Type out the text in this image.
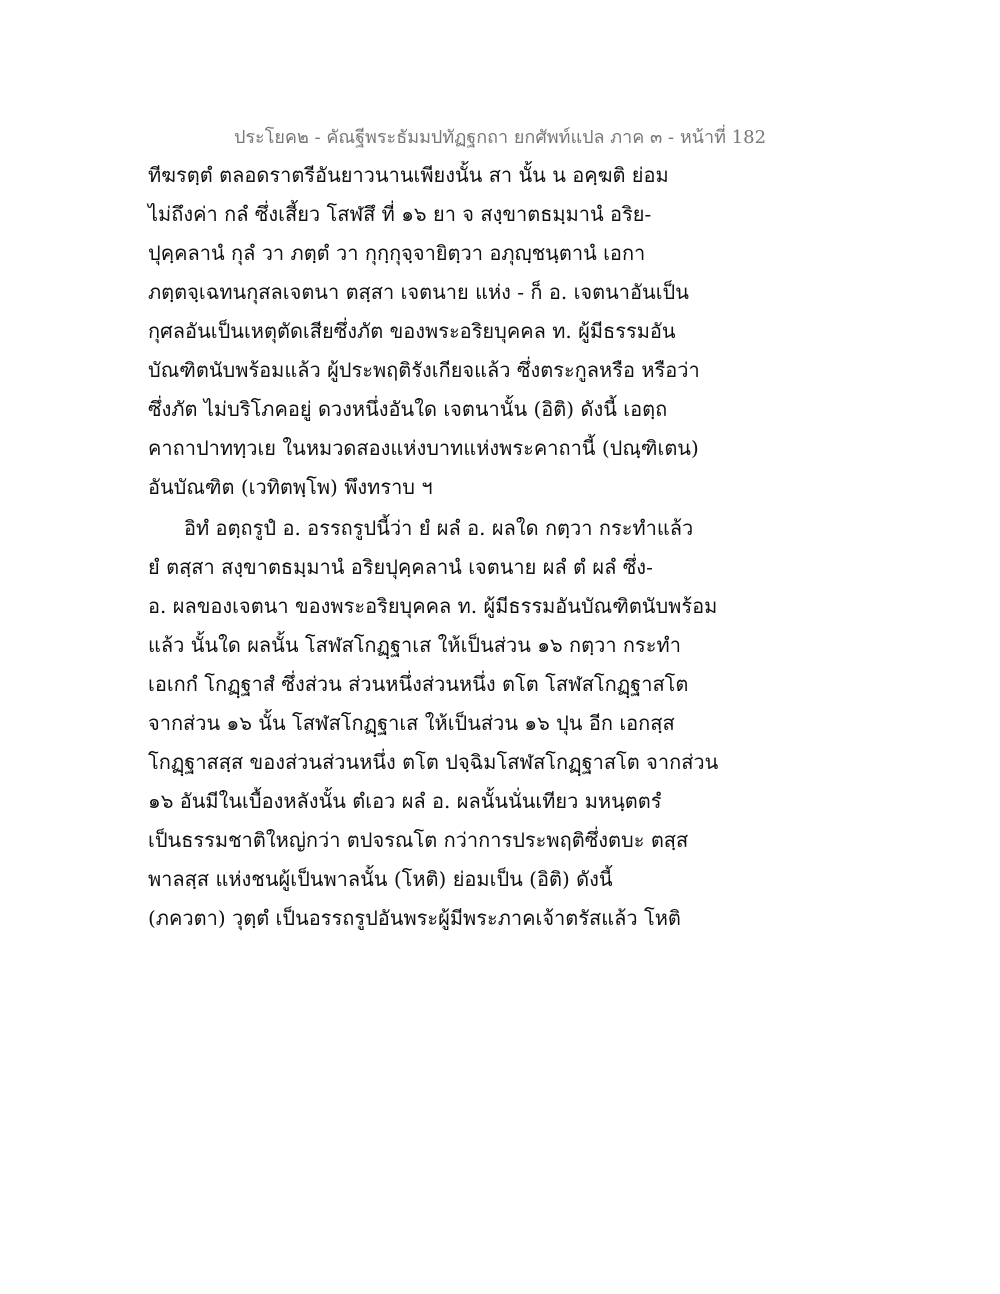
ประโยค๒ - คัณฐีพระธัมมปทัฏฐกถา ยกศัพท์แปล ภาค ๓ - หน้าที่ 182
ทีฆรตฺตํ ตลอดราตรีอันยาวนานเพียงนั้น สา นั้น น อคฺฆติ ย่อม
ไม่ถึงค่า กลํ ซึ่งเสี้ยว โสฬสึ ที่ ๑๖ ยา จ สงฺขาตธมฺมานํ อริย-
ปุคฺคลานํ กุลํ วา ภตฺตํ วา กุกฺกุจฺจายิตฺวา อภุญฺชนฺตานํ เอกา
ภตฺตจฺเฉทนกุสลเจตนา ตสฺสา เจตนาย แห่ง - ก็ อ. เจตนาอันเป็น
กุศลอันเป็นเหตุตัดเสียซึ่งภัต ของพระอริยบุคคล ท. ผู้มีธรรมอัน
บัณฑิตนับพร้อมแล้ว ผู้ประพฤติรังเกียจแล้ว ซึ่งตระกูลหรือ หรือว่า
ซึ่งภัต ไม่บริโภคอยู่ ดวงหนึ่งอันใด เจตนานั้น (อิติ) ดังนี้ เอตฺถ
คาถาปาททฺวเย ในหมวดสองแห่งบาทแห่งพระคาถานี้ (ปณฺฑิเตน)
อันบัณฑิต (เวทิตพฺโพ) พึงทราบ ฯ
อิทํ อตฺถรูปํ อ. อรรถรูปนี้ว่า ยํ ผลํ อ. ผลใด กตฺวา กระทำแล้ว
ยํ ตสฺสา สงฺขาตธมฺมานํ อริยปุคฺคลานํ เจตนาย ผลํ ตํ ผลํ ซึ่ง-
อ. ผลของเจตนา ของพระอริยบุคคล ท. ผู้มีธรรมอันบัณฑิตนับพร้อม
แล้ว นั้นใด ผลนั้น โสฬสโกฏฺฐาเส ให้เป็นส่วน ๑๖ กตฺวา กระทำ
เอเกกํ โกฏฺฐาสํ ซึ่งส่วน ส่วนหนึ่งส่วนหนึ่ง ตโต โสฬสโกฏฺฐาสโต
จากส่วน ๑๖ นั้น โสฬสโกฏฺฐาเส ให้เป็นส่วน ๑๖ ปุน อีก เอกสฺส
โกฏฺฐาสสฺส ของส่วนส่วนหนึ่ง ตโต ปจฺฉิมโสฬสโกฏฺฐาสโต จากส่วน
๑๖ อันมีในเบื้องหลังนั้น ตํเอว ผลํ อ. ผลนั้นนั่นเทียว มหนฺตตรํ
เป็นธรรมชาติใหญ่กว่า ตปจรณโต กว่าการประพฤติซึ่งตบะ ตสฺส
พาลสฺส แห่งชนผู้เป็นพาลนั้น (โหติ) ย่อมเป็น (อิติ) ดังนี้
(ภควตา) วุตฺตํ เป็นอรรถรูปอันพระผู้มีพระภาคเจ้าตรัสแล้ว โหติ
